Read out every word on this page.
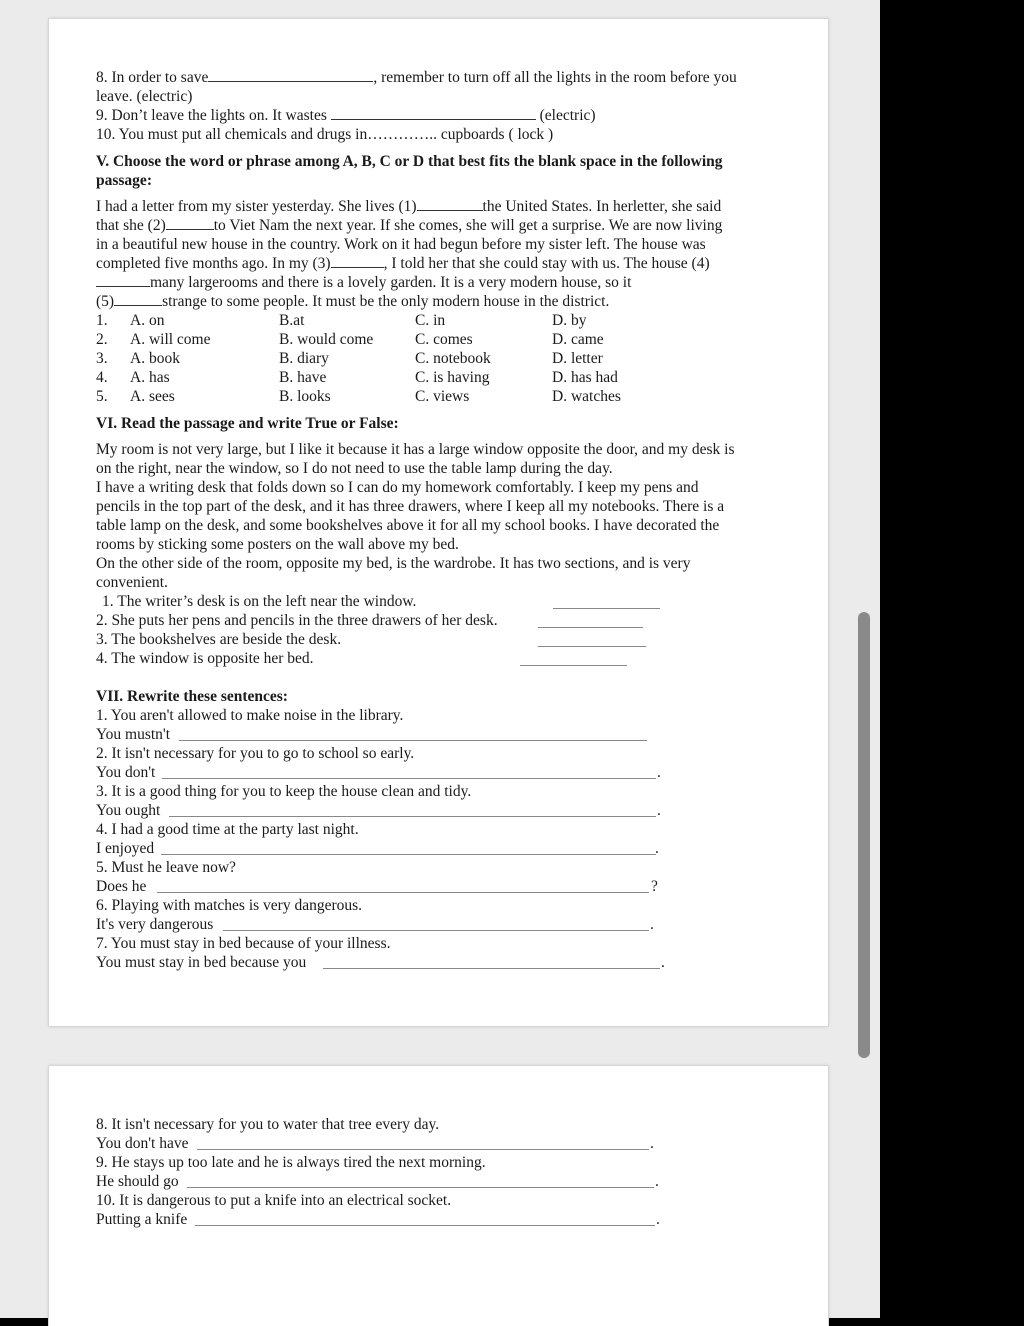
8. In order to save	, remember to turn off all the lights in the room before you
leave. (electric)
9. Don’t leave the lights on. It wastes	(electric)
10. You must put all chemicals and drugs in………….. cupboards ( lock )
V. Choose the word or phrase among A, B, C or D that best fits the blank space in the following
passage:
I had a letter from my sister yesterday. She lives (1)	the United States. In herletter, she said
that she (2)	to Viet Nam the next year. If she comes, she will get a surprise. We are now living
in a beautiful new house in the country. Work on it had begun before my sister left. The house was
completed five months ago. In my (3)	, I told her that she could stay with us. The house (4)
many largerooms and there is a lovely garden. It is a very modern house, so it
(5)	strange to some people. It must be the only modern house in the district.
1. A. on	B.at	C. in	D. by
2. A. will come	B. would come	C. comes	D. came
3. A. book	B. diary	C. notebook	D. letter
4. A. has	B. have	C. is having	D. has had
5. A. sees	B. looks	C. views	D. watches
VI. Read the passage and write True or False:
My room is not very large, but I like it because it has a large window opposite the door, and my desk is
on the right, near the window, so I do not need to use the table lamp during the day.
I have a writing desk that folds down so I can do my homework comfortably. I keep my pens and
pencils in the top part of the desk, and it has three drawers, where I keep all my notebooks. There is a
table lamp on the desk, and some bookshelves above it for all my school books. I have decorated the
rooms by sticking some posters on the wall above my bed.
On the other side of the room, opposite my bed, is the wardrobe. It has two sections, and is very
convenient.
1. The writer’s desk is on the left near the window.
2. She puts her pens and pencils in the three drawers of her desk.
3. The bookshelves are beside the desk.
4. The window is opposite her bed.
VII. Rewrite these sentences:
1. You aren't allowed to make noise in the library.
You mustn't
2. It isn't necessary for you to go to school so early.
You don't	.
3. It is a good thing for you to keep the house clean and tidy.
You ought	.
4. I had a good time at the party last night.
I enjoyed	.
5. Must he leave now?
Does he	?
6. Playing with matches is very dangerous.
It's very dangerous	.
7. You must stay in bed because of your illness.
You must stay in bed because you	.
8. It isn't necessary for you to water that tree every day.
You don't have	.
9. He stays up too late and he is always tired the next morning.
He should go	.
10. It is dangerous to put a knife into an electrical socket.
Putting a knife	.
